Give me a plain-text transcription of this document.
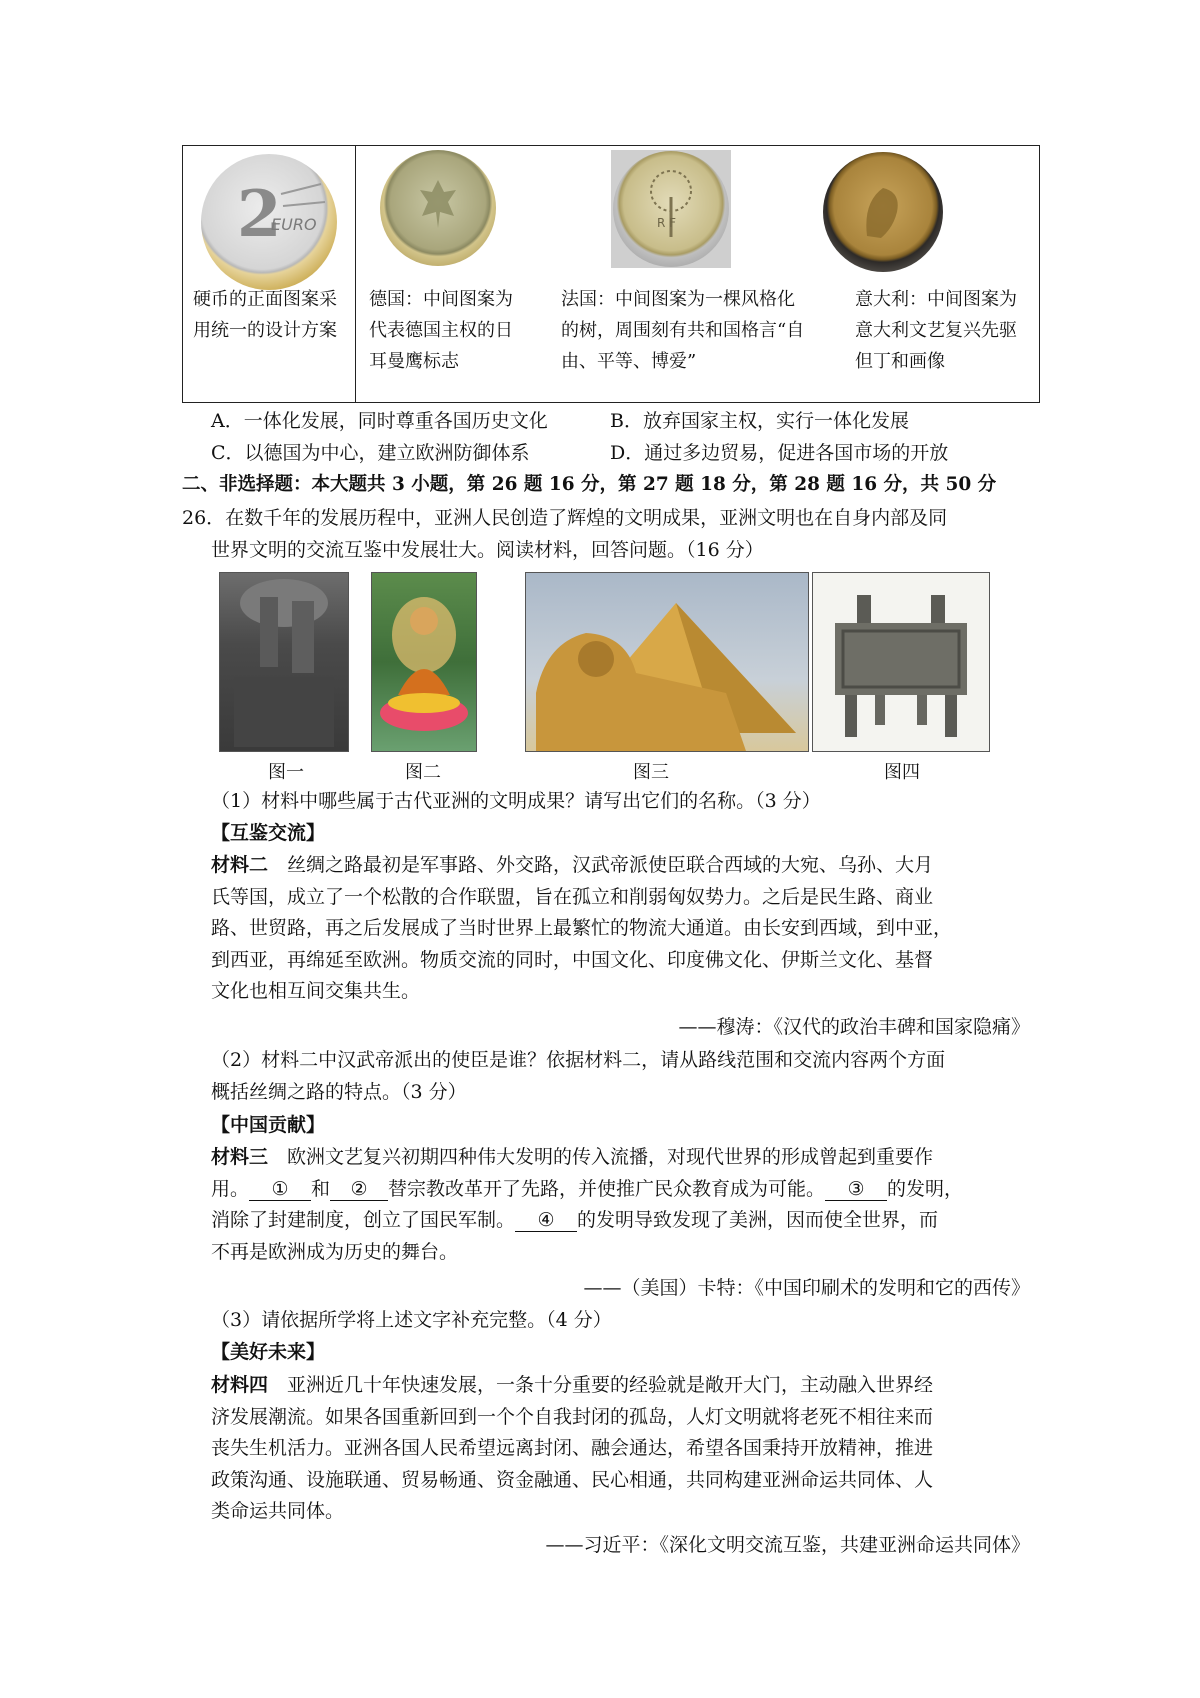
2
EURO	R F
硬币的正面图案采用统一的设计方案
德国：中间图案为代表德国主权的日耳曼鹰标志
法国：中间图案为一棵风格化的树，周围刻有共和国格言“自由、平等、博爱”
意大利：中间图案为意大利文艺复兴先驱但丁和画像
A．一体化发展，同时尊重各国历史文化	B．放弃国家主权，实行一体化发展
C．以德国为中心，建立欧洲防御体系	D．通过多边贸易，促进各国市场的开放
二、非选择题：本大题共 3 小题，第 26 题 16 分，第 27 题 18 分，第 28 题 16 分，共 50 分
26．在数千年的发展历程中，亚洲人民创造了辉煌的文明成果，亚洲文明也在自身内部及同
世界文明的交流互鉴中发展壮大。阅读材料，回答问题。（16 分）
图一	图二	图三	图四
（1）材料中哪些属于古代亚洲的文明成果？请写出它们的名称。（3 分）
【互鉴交流】
材料二　 丝绸之路最初是军事路、外交路，汉武帝派使臣联合西域的大宛、乌孙、大月
氏等国，成立了一个松散的合作联盟，旨在孤立和削弱匈奴势力。之后是民生路、商业
路、世贸路，再之后发展成了当时世界上最繁忙的物流大通道。由长安到西域，到中亚，
到西亚，再绵延至欧洲。物质交流的同时，中国文化、印度佛文化、伊斯兰文化、基督
文化也相互间交集共生。
——穆涛：《汉代的政治丰碑和国家隐痛》
（2）材料二中汉武帝派出的使臣是谁？依据材料二，请从路线范围和交流内容两个方面
概括丝绸之路的特点。（3 分）
【中国贡献】
材料三　 欧洲文艺复兴初期四种伟大发明的传入流播，对现代世界的形成曾起到重要作
用。 ① 和 ② 替宗教改革开了先路，并使推广民众教育成为可能。 ③ 的发明，
消除了封建制度，创立了国民军制。 ④ 的发明导致发现了美洲，因而使全世界，而
不再是欧洲成为历史的舞台。
——（美国）卡特：《中国印刷术的发明和它的西传》
（3）请依据所学将上述文字补充完整。（4 分）
【美好未来】
材料四　 亚洲近几十年快速发展，一条十分重要的经验就是敞开大门，主动融入世界经
济发展潮流。如果各国重新回到一个个自我封闭的孤岛，人灯文明就将老死不相往来而
丧失生机活力。亚洲各国人民希望远离封闭、融会通达，希望各国秉持开放精神，推进
政策沟通、设施联通、贸易畅通、资金融通、民心相通，共同构建亚洲命运共同体、人
类命运共同体。
——习近平：《深化文明交流互鉴，共建亚洲命运共同体》
